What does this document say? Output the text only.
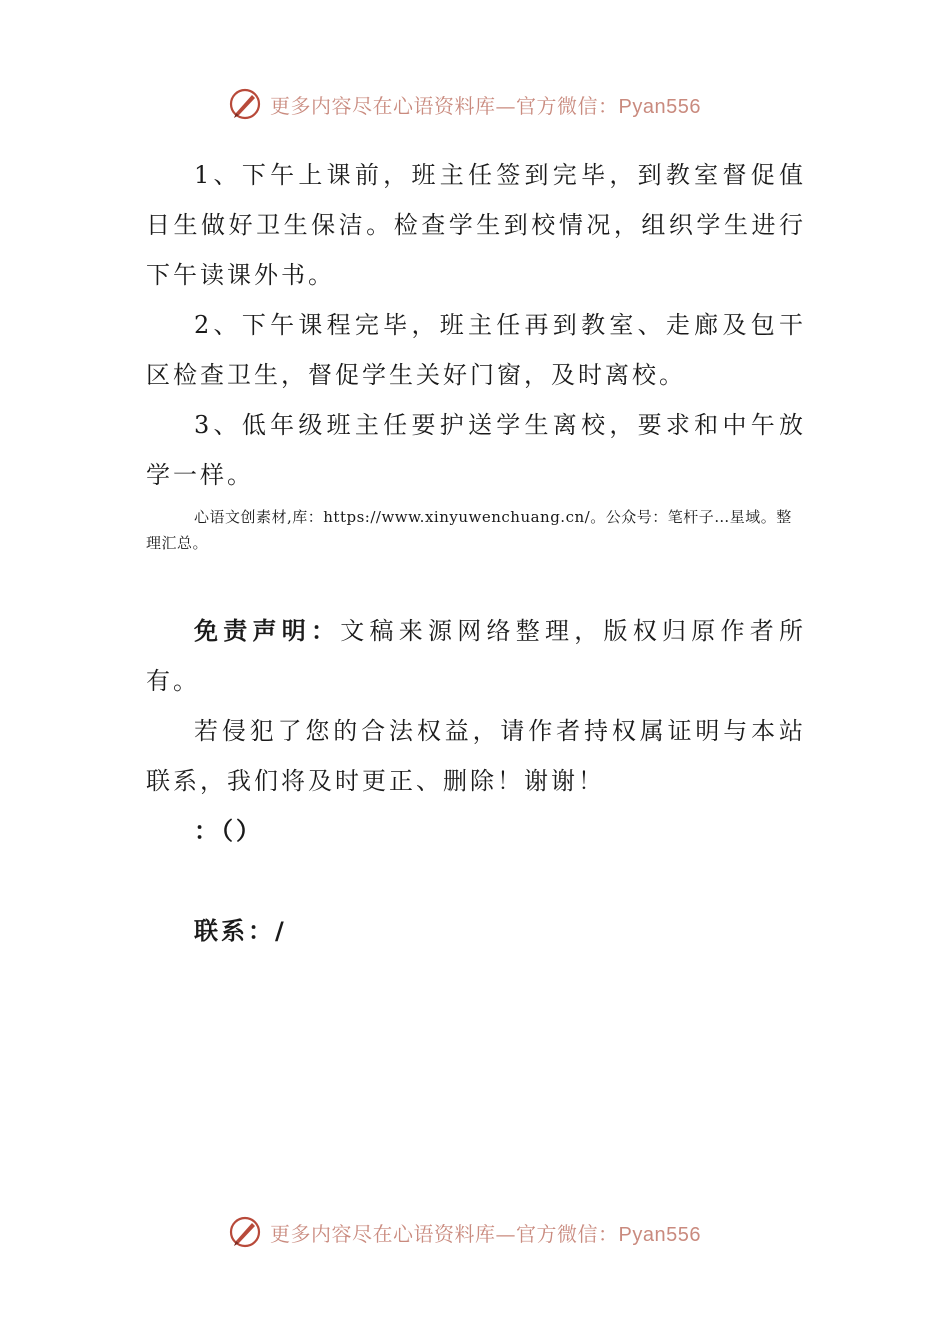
更多内容尽在心语资料库—官方微信：Pyan556

1、下午上课前，班主任签到完毕，到教室督促值日生做好卫生保洁。检查学生到校情况，组织学生进行下午读课外书。

2、下午课程完毕，班主任再到教室、走廊及包干区检查卫生，督促学生关好门窗，及时离校。

3、低年级班主任要护送学生离校，要求和中午放学一样。

心语文创素材,库：https://www.xinyuwenchuang.cn/。公众号：笔杆子…星域。整理汇总。

免责声明：文稿来源网络整理，版权归原作者所有。

若侵犯了您的合法权益，请作者持权属证明与本站联系，我们将及时更正、删除！谢谢！

：（）

联系：/

更多内容尽在心语资料库—官方微信：Pyan556
